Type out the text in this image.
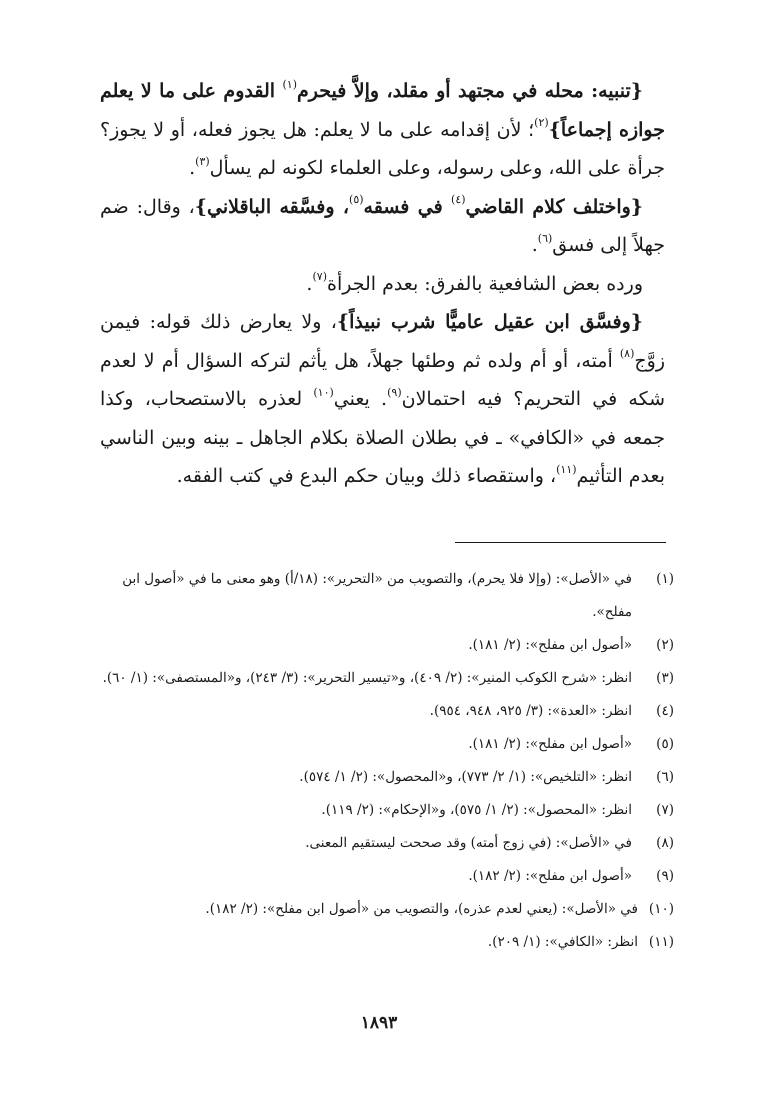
{تنبيه: محله في مجتهد أو مقلد، وإلاَّ فيحرم$^{(١)}$ القدوم على ما لا يعلم جوازه إجماعاً}$^{(٢)}$؛ لأن إقدامه على ما لا يعلم: هل يجوز فعله، أو لا يجوز؟ جرأة على الله، وعلى رسوله، وعلى العلماء لكونه لم يسأل$^{(٣)}$.

{واختلف كلام القاضي$^{(٤)}$ في فسقه$^{(٥)}$، وفسَّقه الباقلاني}، وقال: ضم جهلاً إلى فسق$^{(٦)}$.

ورده بعض الشافعية بالفرق: بعدم الجرأة$^{(٧)}$.

{وفسَّق ابن عقيل عاميًّا شرب نبيذاً}، ولا يعارض ذلك قوله: فيمن زوَّج$^{(٨)}$ أمته، أو أم ولده ثم وطئها جهلاً، هل يأثم لتركه السؤال أم لا لعدم شكه في التحريم؟ فيه احتمالان$^{(٩)}$. يعني$^{(١٠)}$ لعذره بالاستصحاب، وكذا جمعه في «الكافي» ـ في بطلان الصلاة بكلام الجاهل ـ بينه وبين الناسي بعدم التأثيم$^{(١١)}$، واستقصاء ذلك وبيان حكم البدع في كتب الفقه.

(١)
في «الأصل»: (وإلا فلا يحرم)، والتصويب من «التحرير»: (١٨/أ) وهو معنى ما في «أصول ابن مفلح».
(٢)
«أصول ابن مفلح»: (٢/ ١٨١).
(٣)
انظر: «شرح الكوكب المنير»: (٢/ ٤٠٩)، و«تيسير التحرير»: (٣/ ٢٤٣)، و«المستصفى»: (١/ ٦٠).
(٤)
انظر: «العدة»: (٣/ ٩٢٥، ٩٤٨، ٩٥٤).
(٥)
«أصول ابن مفلح»: (٢/ ١٨١).
(٦)
انظر: «التلخيص»: (١/ ٢/ ٧٧٣)، و«المحصول»: (٢/ ١/ ٥٧٤).
(٧)
انظر: «المحصول»: (٢/ ١/ ٥٧٥)، و«الإحكام»: (٢/ ١١٩).
(٨)
في «الأصل»: (في زوج أمته) وقد صححت ليستقيم المعنى.
(٩)
«أصول ابن مفلح»: (٢/ ١٨٢).
(١٠)
في «الأصل»: (يعني لعدم عذره)، والتصويب من «أصول ابن مفلح»: (٢/ ١٨٢).
(١١)
انظر: «الكافي»: (١/ ٢٠٩).
١٨٩٣
